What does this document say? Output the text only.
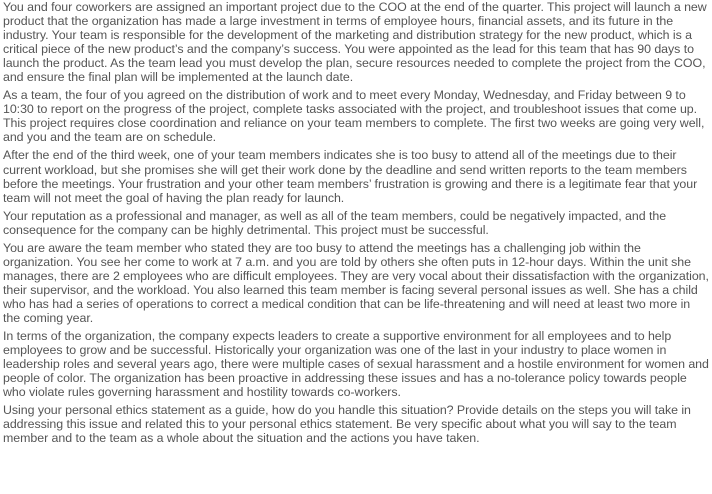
You and four coworkers are assigned an important project due to the COO at the end of the quarter. This project will launch a new product that the organization has made a large investment in terms of employee hours, financial assets, and its future in the industry. Your team is responsible for the development of the marketing and distribution strategy for the new product, which is a critical piece of the new product’s and the company’s success. You were appointed as the lead for this team that has 90 days to launch the product. As the team lead you must develop the plan, secure resources needed to complete the project from the COO, and ensure the final plan will be implemented at the launch date.

As a team, the four of you agreed on the distribution of work and to meet every Monday, Wednesday, and Friday between 9 to 10:30 to report on the progress of the project, complete tasks associated with the project, and troubleshoot issues that come up. This project requires close coordination and reliance on your team members to complete. The first two weeks are going very well, and you and the team are on schedule.

After the end of the third week, one of your team members indicates she is too busy to attend all of the meetings due to their current workload, but she promises she will get their work done by the deadline and send written reports to the team members before the meetings. Your frustration and your other team members’ frustration is growing and there is a legitimate fear that your team will not meet the goal of having the plan ready for launch.

Your reputation as a professional and manager, as well as all of the team members, could be negatively impacted, and the consequence for the company can be highly detrimental. This project must be successful.

You are aware the team member who stated they are too busy to attend the meetings has a challenging job within the organization. You see her come to work at 7 a.m. and you are told by others she often puts in 12-hour days. Within the unit she manages, there are 2 employees who are difficult employees. They are very vocal about their dissatisfaction with the organization, their supervisor, and the workload. You also learned this team member is facing several personal issues as well. She has a child who has had a series of operations to correct a medical condition that can be life-threatening and will need at least two more in the coming year.

In terms of the organization, the company expects leaders to create a supportive environment for all employees and to help employees to grow and be successful. Historically your organization was one of the last in your industry to place women in leadership roles and several years ago, there were multiple cases of sexual harassment and a hostile environment for women and people of color. The organization has been proactive in addressing these issues and has a no-tolerance policy towards people who violate rules governing harassment and hostility towards co-workers.

Using your personal ethics statement as a guide, how do you handle this situation? Provide details on the steps you will take in addressing this issue and related this to your personal ethics statement. Be very specific about what you will say to the team member and to the team as a whole about the situation and the actions you have taken.
